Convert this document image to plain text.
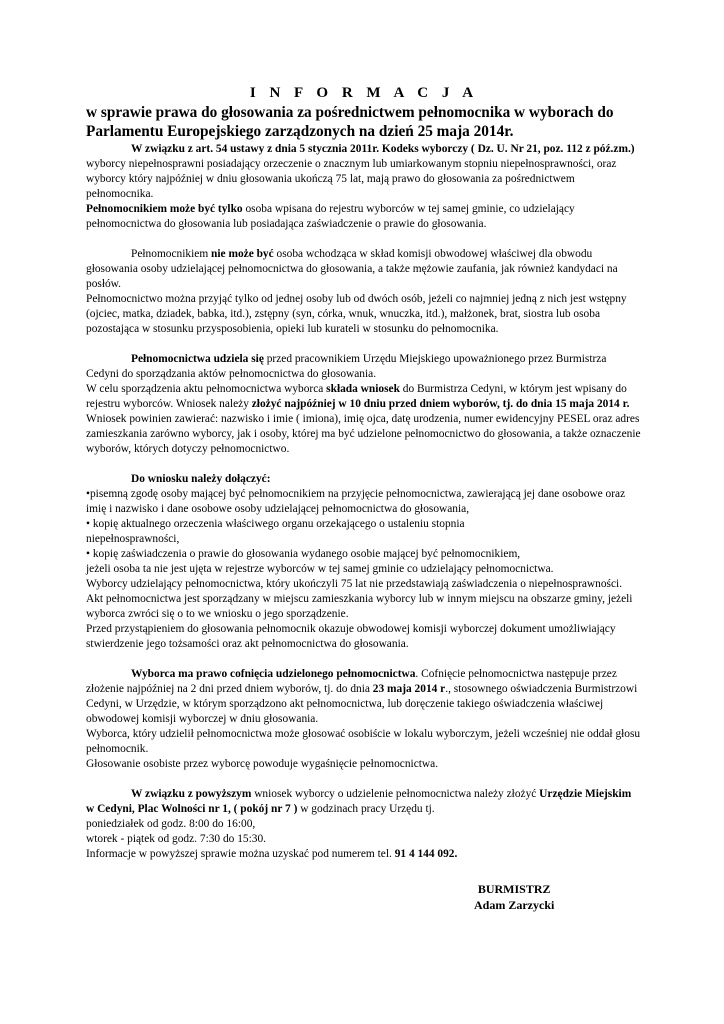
I N F O R M A C J A
w sprawie prawa do głosowania za pośrednictwem pełnomocnika w wyborach do Parlamentu Europejskiego zarządzonych na dzień 25 maja 2014r.

W związku z art. 54 ustawy z dnia 5 stycznia 2011r. Kodeks wyborczy ( Dz. U. Nr 21, poz. 112 z póź.zm.) wyborcy niepełnosprawni posiadający orzeczenie o znacznym lub umiarkowanym stopniu niepełnosprawności, oraz wyborcy który najpóźniej w dniu głosowania ukończą 75 lat, mają prawo do głosowania za pośrednictwem pełnomocnika.

Pełnomocnikiem może być tylko osoba wpisana do rejestru wyborców w tej samej gminie, co udzielający pełnomocnictwa do głosowania lub posiadająca zaświadczenie o prawie do głosowania.

Pełnomocnikiem nie może być osoba wchodząca w skład komisji obwodowej właściwej dla obwodu głosowania osoby udzielającej pełnomocnictwa do głosowania, a także mężowie zaufania, jak również kandydaci na posłów.

Pełnomocnictwo można przyjąć tylko od jednej osoby lub od dwóch osób, jeżeli co najmniej jedną z nich jest wstępny (ojciec, matka, dziadek, babka, itd.), zstępny (syn, córka, wnuk, wnuczka, itd.), małżonek, brat, siostra lub osoba pozostająca w stosunku przysposobienia, opieki lub kurateli w stosunku do pełnomocnika.

Pełnomocnictwa udziela się przed pracownikiem Urzędu Miejskiego upoważnionego przez Burmistrza Cedyni do sporządzania aktów pełnomocnictwa do głosowania.

W celu sporządzenia aktu pełnomocnictwa wyborca składa wniosek do Burmistrza Cedyni, w którym jest wpisany do rejestru wyborców. Wniosek należy złożyć najpóźniej w 10 dniu przed dniem wyborów, tj. do dnia 15 maja 2014 r.

Wniosek powinien zawierać: nazwisko i imie ( imiona), imię ojca, datę urodzenia, numer ewidencyjny PESEL oraz adres zamieszkania zarówno wyborcy, jak i osoby, której ma być udzielone pełnomocnictwo do głosowania, a także oznaczenie wyborów, których dotyczy pełnomocnictwo.

Do wniosku należy dołączyć:

•pisemną zgodę osoby mającej być pełnomocnikiem na przyjęcie pełnomocnictwa, zawierającą jej dane osobowe oraz imię i nazwisko i dane osobowe osoby udzielającej pełnomocnictwa do głosowania,

• kopię aktualnego orzeczenia właściwego organu orzekającego o ustaleniu stopnia

niepełnosprawności,

• kopię zaświadczenia o prawie do głosowania wydanego osobie mającej być pełnomocnikiem,

jeżeli osoba ta nie jest ujęta w rejestrze wyborców w tej samej gminie co udzielający pełnomocnictwa.

Wyborcy udzielający pełnomocnictwa, który ukończyli 75 lat nie przedstawiają zaświadczenia o niepełnosprawności.

Akt pełnomocnictwa jest sporządzany w miejscu zamieszkania wyborcy lub w innym miejscu na obszarze gminy, jeżeli wyborca zwróci się o to we wniosku o jego sporządzenie.

Przed przystąpieniem do głosowania pełnomocnik okazuje obwodowej komisji wyborczej dokument umożliwiający stwierdzenie jego tożsamości oraz akt pełnomocnictwa do głosowania.

Wyborca ma prawo cofnięcia udzielonego pełnomocnictwa. Cofnięcie pełnomocnictwa następuje przez złożenie najpóźniej na 2 dni przed dniem wyborów, tj. do dnia 23 maja 2014 r., stosownego oświadczenia Burmistrzowi Cedyni, w Urzędzie, w którym sporządzono akt pełnomocnictwa, lub doręczenie takiego oświadczenia właściwej obwodowej komisji wyborczej w dniu głosowania.

Wyborca, który udzielił pełnomocnictwa może głosować osobiście w lokalu wyborczym, jeżeli wcześniej nie oddał głosu pełnomocnik.

Głosowanie osobiste przez wyborcę powoduje wygaśnięcie pełnomocnictwa.

W związku z powyższym wniosek wyborcy o udzielenie pełnomocnictwa należy złożyć Urzędzie Miejskim w Cedyni, Plac Wolności nr 1, ( pokój nr 7 ) w godzinach pracy Urzędu tj.

poniedziałek od godz. 8:00 do 16:00,

wtorek - piątek od godz. 7:30 do 15:30.

Informacje w powyższej sprawie można uzyskać pod numerem tel. 91 4 144 092.

BURMISTRZ
Adam Zarzycki
